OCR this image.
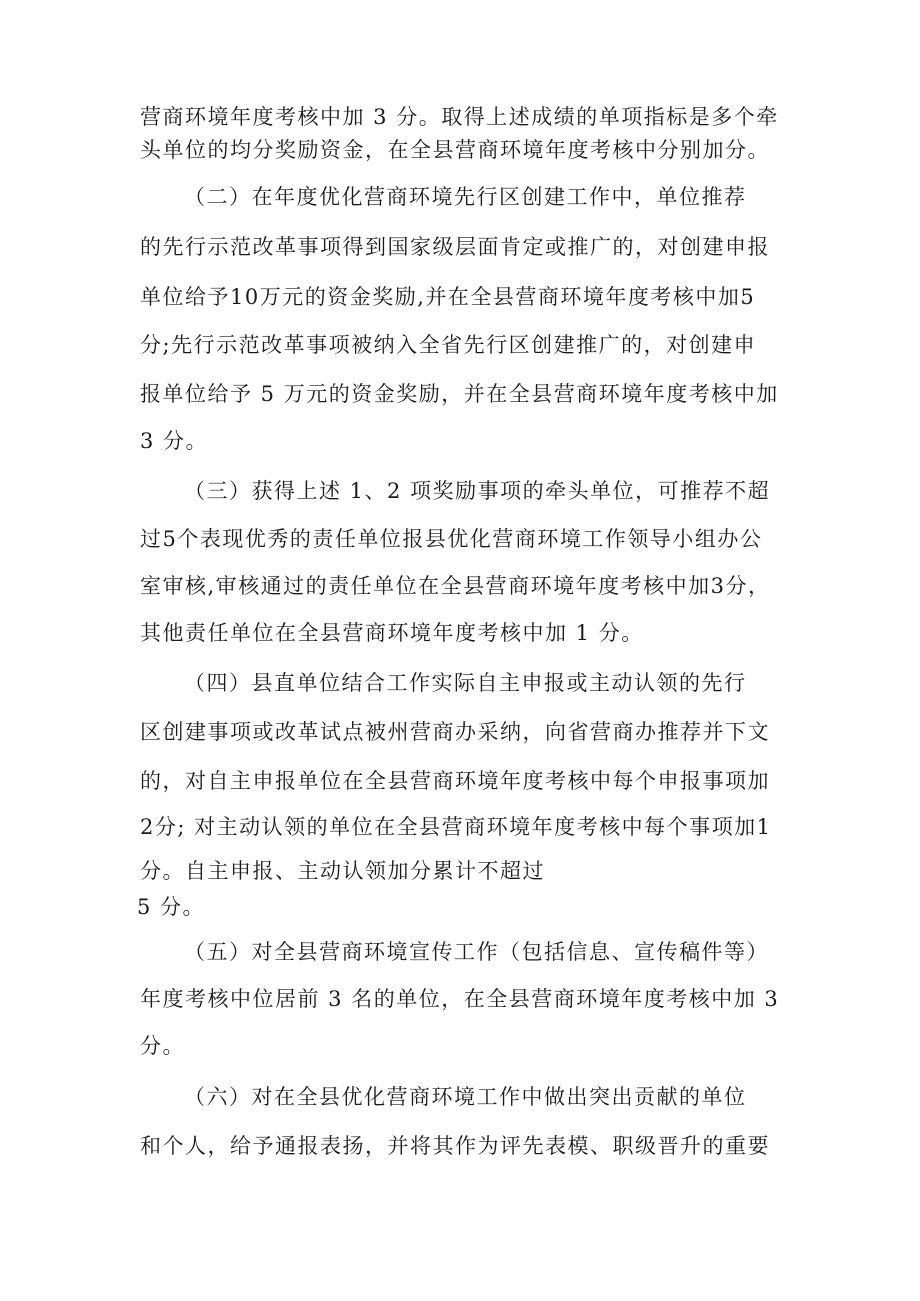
营商环境年度考核中加 3 分。取得上述成绩的单项指标是多个牵

头单位的均分奖励资金，在全县营商环境年度考核中分别加分。

（二）在年度优化营商环境先行区创建工作中，单位推荐

的先行示范改革事项得到国家级层面肯定或推广的，对创建申报

单位给予10万元的资金奖励,并在全县营商环境年度考核中加5

分;先行示范改革事项被纳入全省先行区创建推广的，对创建申

报单位给予 5 万元的资金奖励，并在全县营商环境年度考核中加

3 分。

（三）获得上述 1、2 项奖励事项的牵头单位，可推荐不超

过5个表现优秀的责任单位报县优化营商环境工作领导小组办公

室审核,审核通过的责任单位在全县营商环境年度考核中加3分，

其他责任单位在全县营商环境年度考核中加 1 分。

（四）县直单位结合工作实际自主申报或主动认领的先行

区创建事项或改革试点被州营商办采纳，向省营商办推荐并下文

的，对自主申报单位在全县营商环境年度考核中每个申报事项加

2分; 对主动认领的单位在全县营商环境年度考核中每个事项加1

分。自主申报、主动认领加分累计不超过

5 分。

（五）对全县营商环境宣传工作（包括信息、宣传稿件等）

年度考核中位居前 3 名的单位，在全县营商环境年度考核中加 3

分。

（六）对在全县优化营商环境工作中做出突出贡献的单位

和个人，给予通报表扬，并将其作为评先表模、职级晋升的重要
